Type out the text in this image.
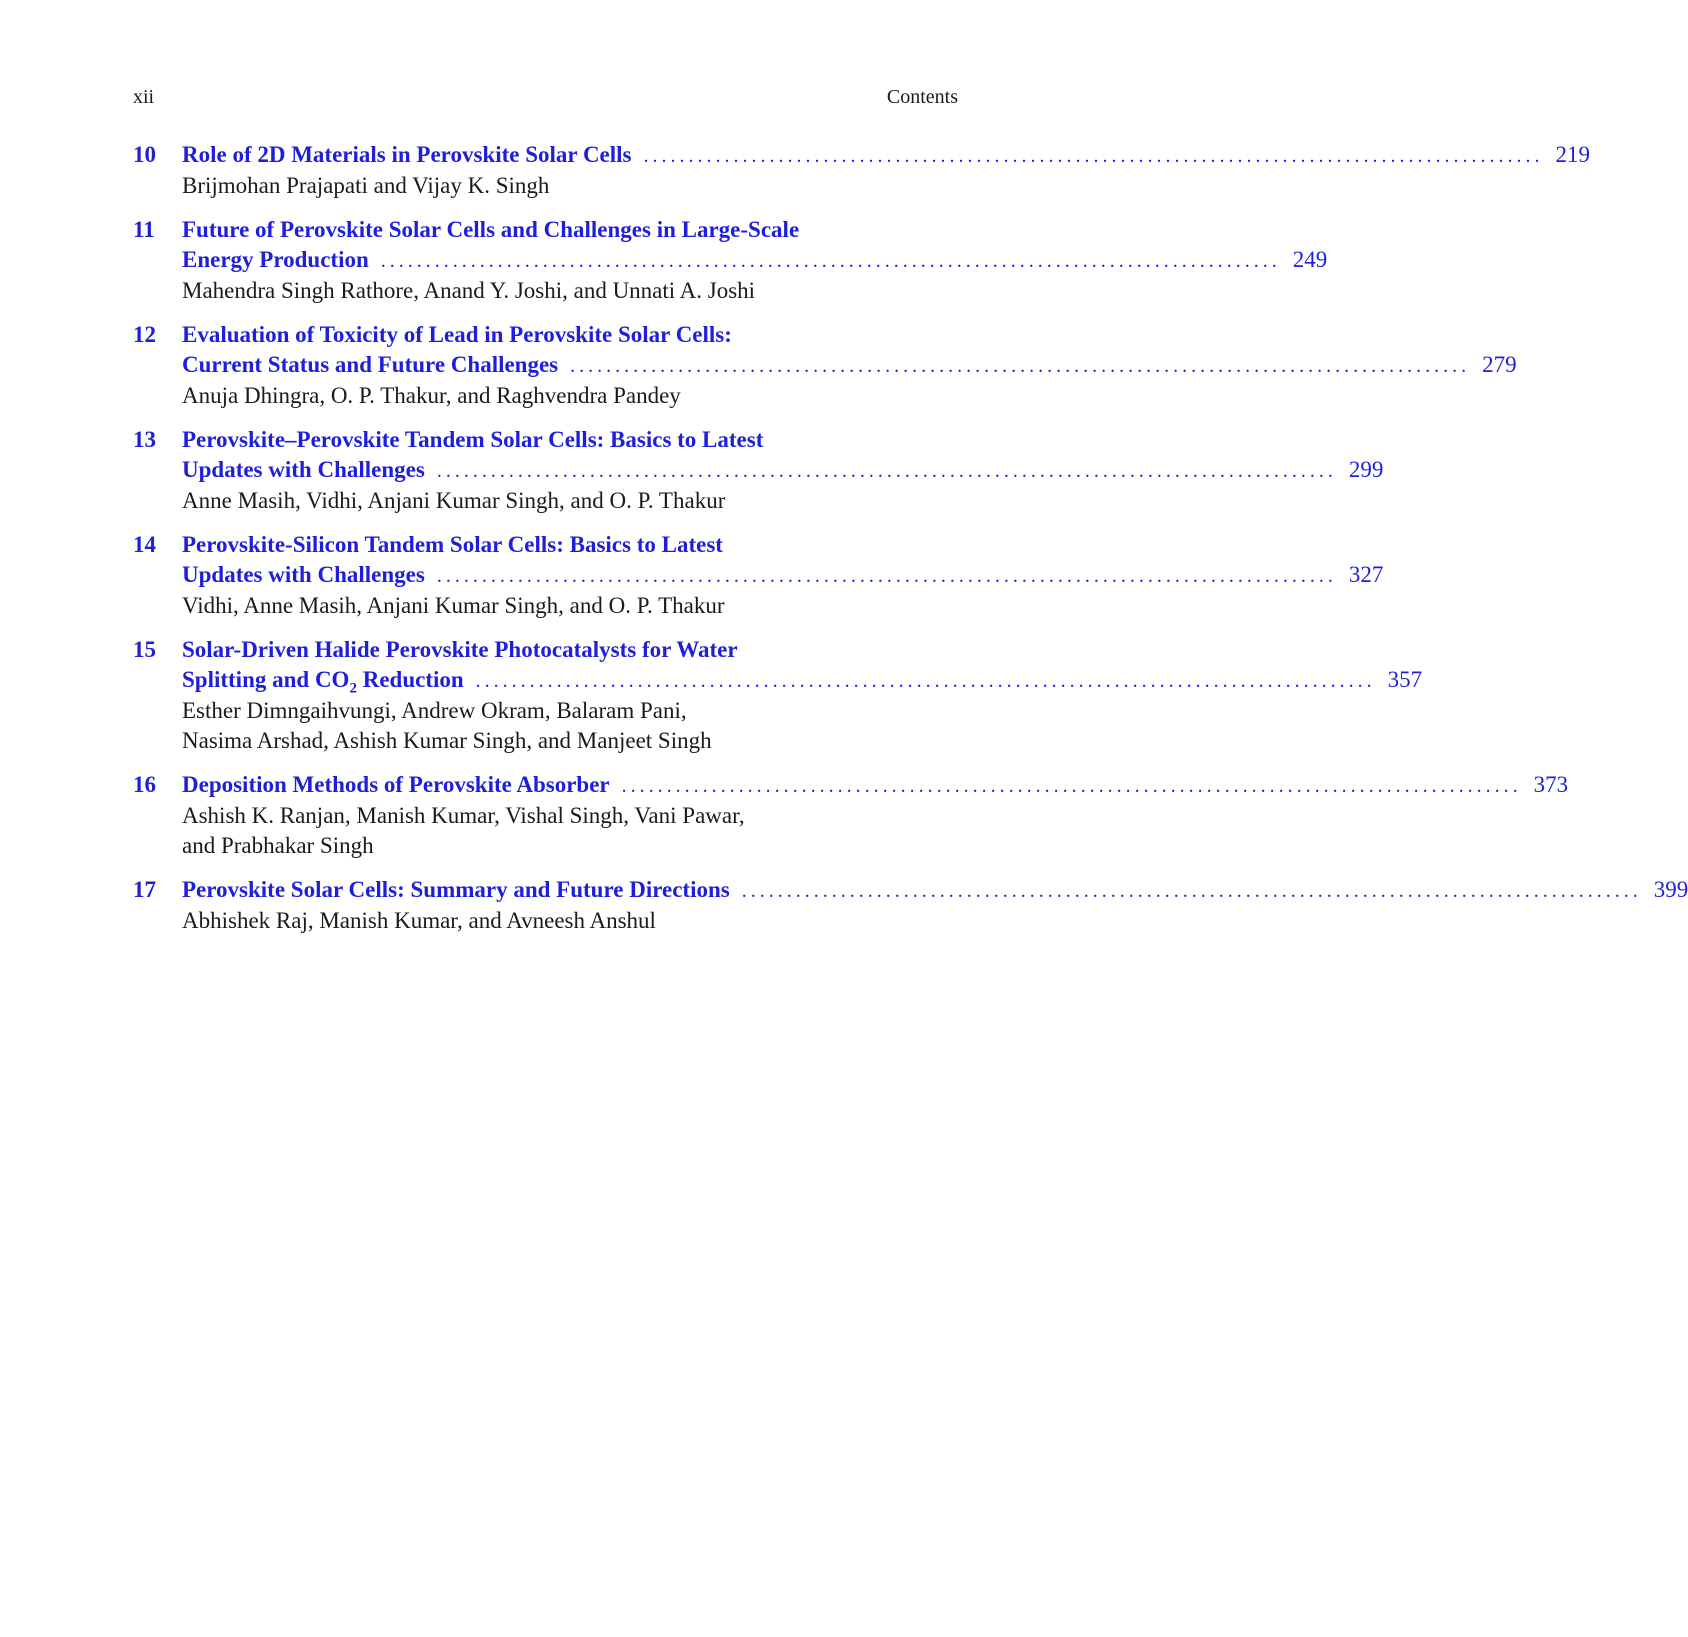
xii	Contents
10 Role of 2D Materials in Perovskite Solar Cells .................................................................................................... 219
Brijmohan Prajapati and Vijay K. Singh
11 Future of Perovskite Solar Cells and Challenges in Large-Scale
Energy Production .................................................................................................... 249
Mahendra Singh Rathore, Anand Y. Joshi, and Unnati A. Joshi
12 Evaluation of Toxicity of Lead in Perovskite Solar Cells:
Current Status and Future Challenges .................................................................................................... 279
Anuja Dhingra, O. P. Thakur, and Raghvendra Pandey
13 Perovskite–Perovskite Tandem Solar Cells: Basics to Latest
Updates with Challenges .................................................................................................... 299
Anne Masih, Vidhi, Anjani Kumar Singh, and O. P. Thakur
14 Perovskite-Silicon Tandem Solar Cells: Basics to Latest
Updates with Challenges .................................................................................................... 327
Vidhi, Anne Masih, Anjani Kumar Singh, and O. P. Thakur
15 Solar-Driven Halide Perovskite Photocatalysts for Water
Splitting and $CO_2$ Reduction .................................................................................................... 357
Esther Dimngaihvungi, Andrew Okram, Balaram Pani,
Nasima Arshad, Ashish Kumar Singh, and Manjeet Singh
16 Deposition Methods of Perovskite Absorber .................................................................................................... 373
Ashish K. Ranjan, Manish Kumar, Vishal Singh, Vani Pawar,
and Prabhakar Singh
17 Perovskite Solar Cells: Summary and Future Directions .................................................................................................... 399
Abhishek Raj, Manish Kumar, and Avneesh Anshul
